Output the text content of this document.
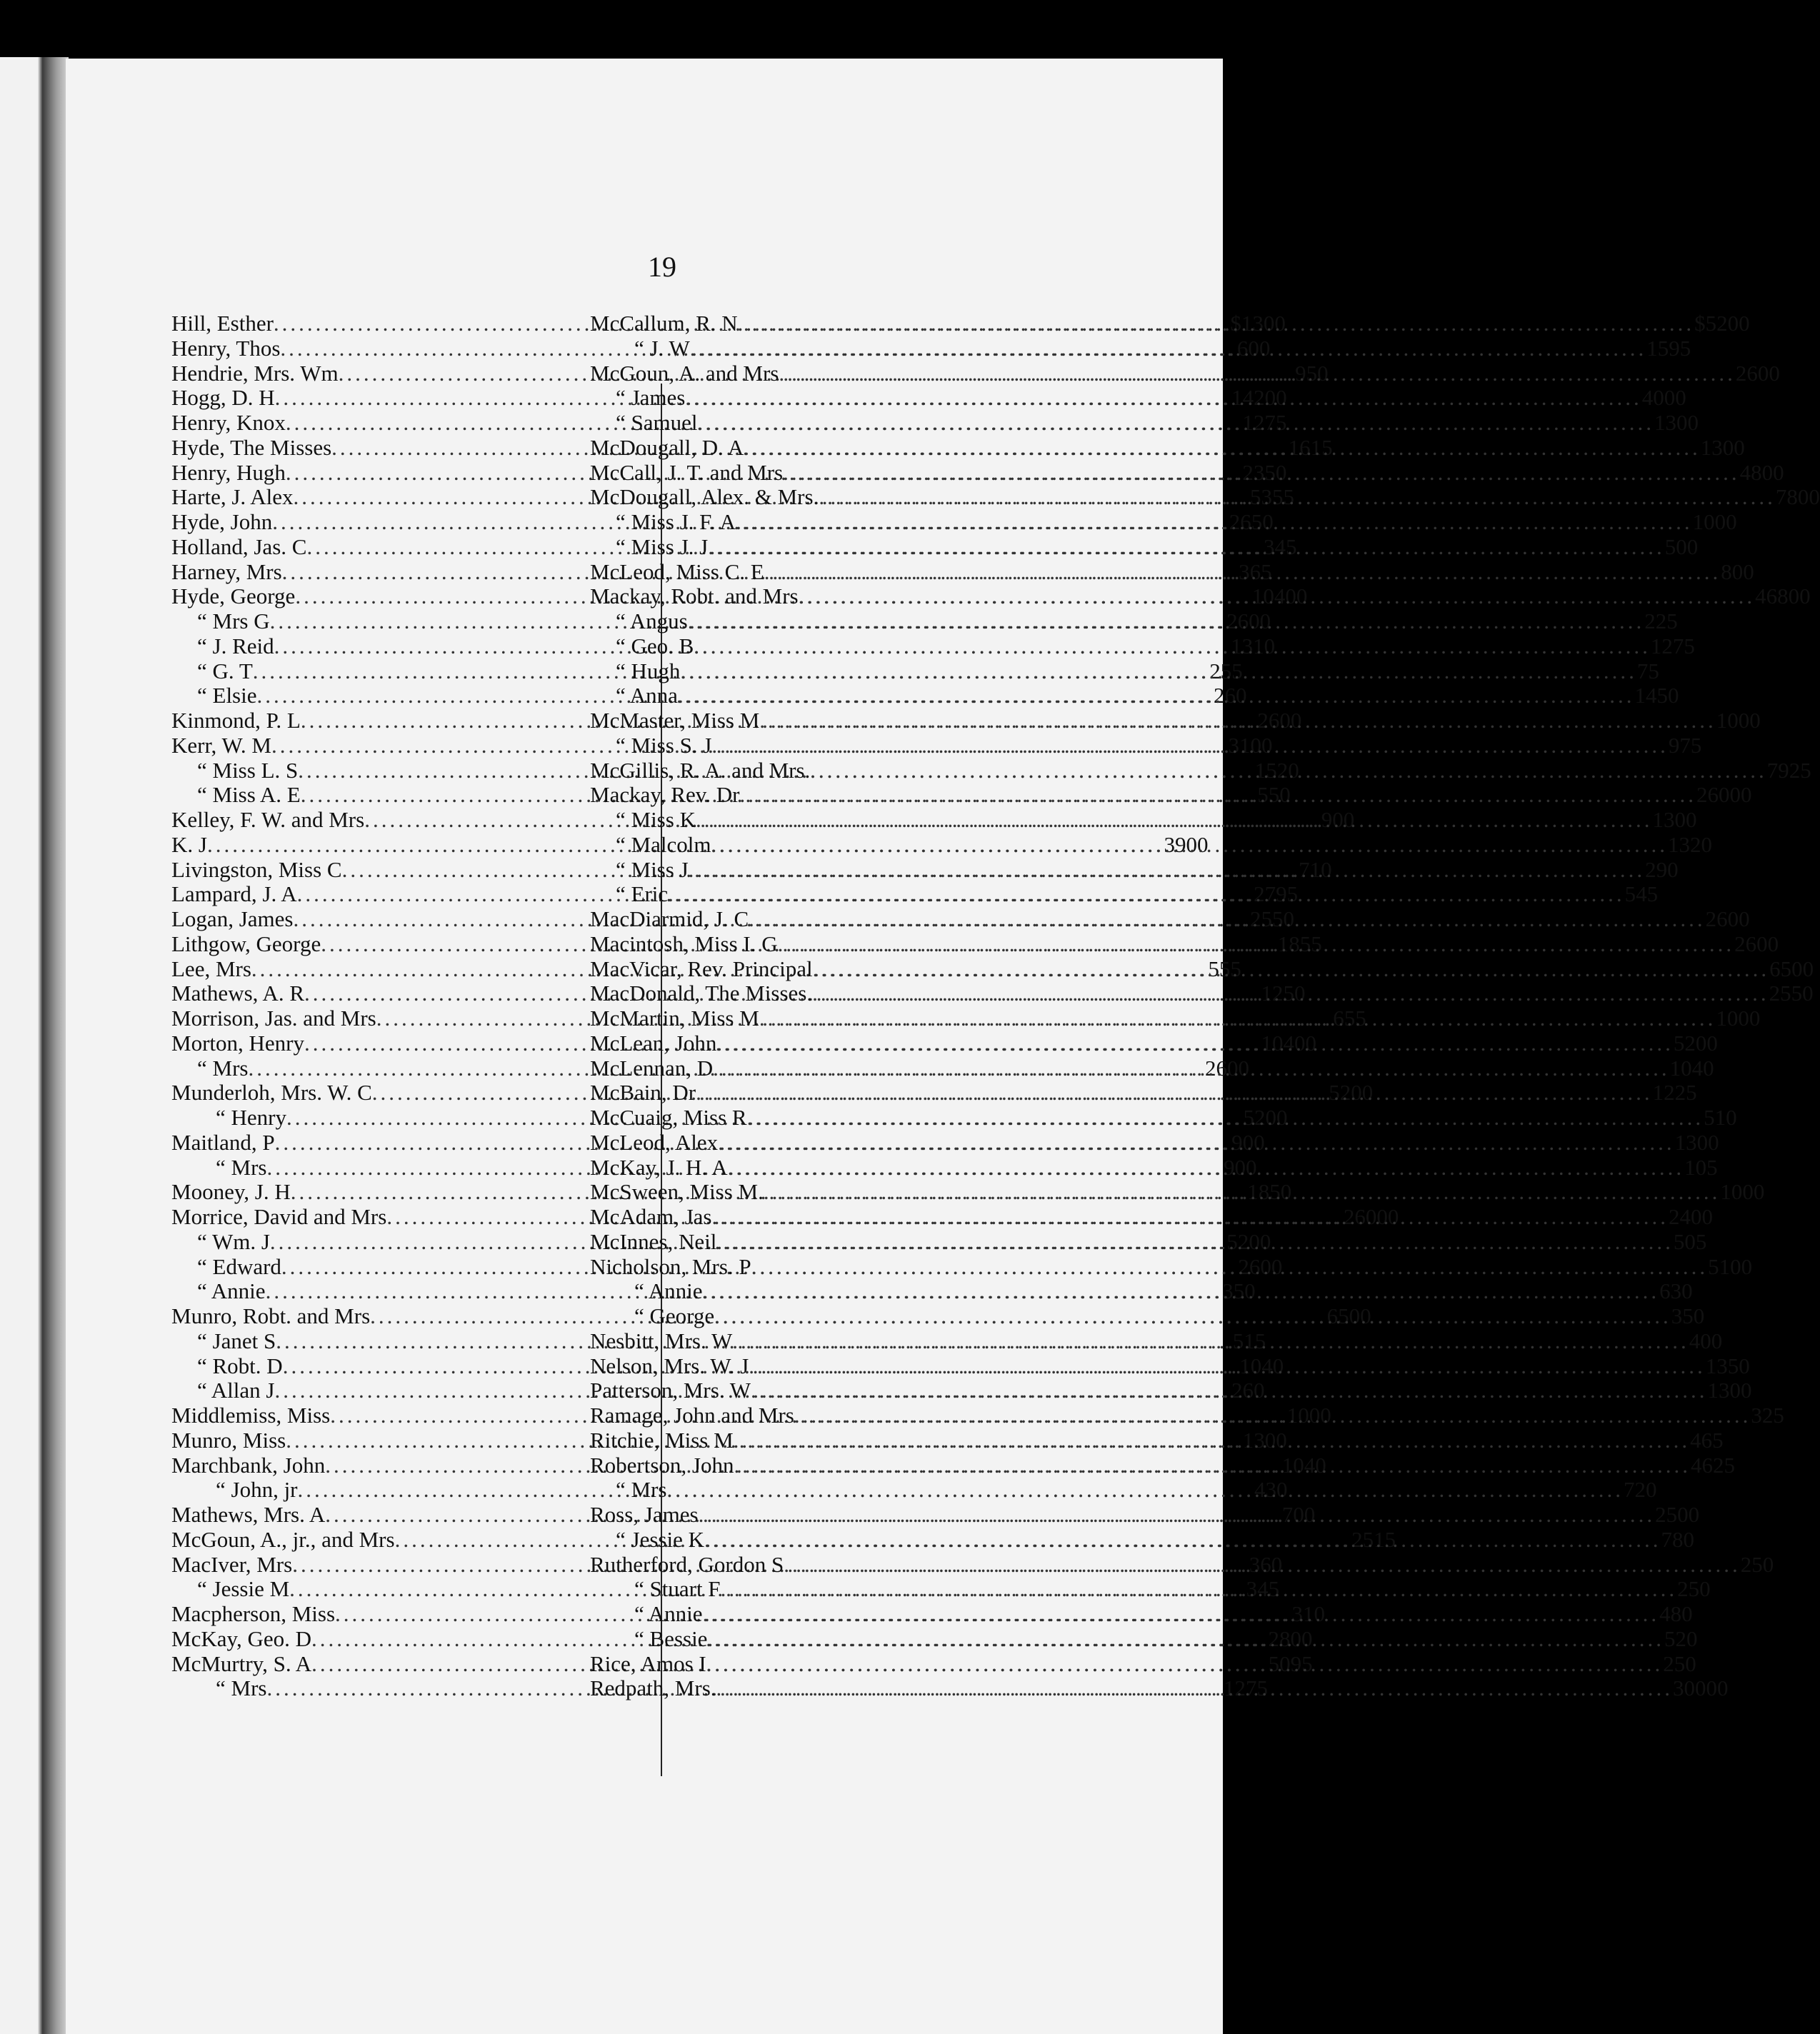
19
Hill, Esther .....	$ 13 00
Henry, Thos .....	6 00
Hendrie, Mrs. Wm .....	9 50
Hogg, D. H .....	142 00
Henry, Knox .....	12 75
Hyde, The Misses .....	16 15
Henry, Hugh .....	23 50
Harte, J. Alex .....	53 55
Hyde, John .....	26 50
Holland, Jas. C .....	3 45
Harney, Mrs .....	3 65
Hyde, George .....	104 00
“ Mrs G .....	26 00
“ J. Reid .....	13 10
“ G. T .....	2 55
“ Elsie .....	2 60
Kinmond, P. L .....	26 00
Kerr, W. M .....	31 00
“ Miss L. S .....	15 20
“ Miss A. E .....	5 50
Kelley, F. W. and Mrs .....	9 00
K. J .....	39 00
Livingston, Miss C .....	7 10
Lampard, J. A .....	27 95
Logan, James .....	25 50
Lithgow, George .....	18 55
Lee, Mrs .....	5 55
Mathews, A. R .....	12 50
Morrison, Jas. and Mrs .....	6 55
Morton, Henry .....	104 00
“ Mrs .....	26 00
Munderloh, Mrs. W. C .....	52 00
“ Henry .....	52 00
Maitland, P .....	9 00
“ Mrs .....	9 00
Mooney, J. H .....	18 50
Morrice, David and Mrs .....	260 00
“ Wm. J .....	52 00
“ Edward .....	26 00
“ Annie .....	3 50
Munro, Robt. and Mrs .....	65 00
“ Janet S .....	5 15
“ Robt. D .....	10 40
“ Allan J .....	2 60
Middlemiss, Miss .....	10 00
Munro, Miss .....	13 00
Marchbank, John .....	10 40
“ John, jr .....	4 30
Mathews, Mrs. A .....	7 00
McGoun, A., jr., and Mrs .....	25 15
MacIver, Mrs .....	3 60
“ Jessie M .....	3 45
Macpherson, Miss .....	3 10
McKay, Geo. D .....	28 00
McMurtry, S. A .....	50 95
“ Mrs .....	12 75
McCallum, R. N .....	$ 52 00
“ J. W .....	15 95
McGoun, A. and Mrs .....	26 00
“ James .....	40 00
“ Samuel .....	13 00
McDougall, D. A .....	13 00
McCall, J. T. and Mrs .....	48 00
McDougall, Alex. & Mrs. .....	78 00
“ Miss J. F. A .....	10 00
“ Miss J. J .....	5 00
McLeod, Miss C. E .....	8 00
Mackay, Robt. and Mrs .....	468 00
“ Angus .....	2 25
“ Geo. B .....	12 75
“ Hugh .....	75
“ Anna .....	14 50
McMaster, Miss M .....	10 00
“ Miss S. J .....	9 75
McGillis, R. A. and Mrs. .....	79 25
Mackay, Rev. Dr .....	260 00
“ Miss K .....	13 00
“ Malcolm .....	13 20
“ Miss J .....	2 90
“ Eric .....	5 45
MacDiarmid, J. C .....	26 00
Macintosh, Miss I. G .....	26 00
MacVicar, Rev. Principal .....	65 00
MacDonald, The Misses. .....	25 50
McMartin, Miss M .....	10 00
McLean, John .....	52 00
McLennan, D .....	10 40
McBain, Dr .....	12 25
McCuaig, Miss R .....	5 10
McLeod, Alex .....	13 00
McKay, J. H. A .....	1 05
McSween, Miss M. .....	10 00
McAdam, Jas .....	24 00
McInnes, Neil .....	5 05
Nicholson, Mrs. P .....	51 00
“ Annie .....	6 30
“ George .....	3 50
Nesbitt, Mrs. W .....	4 00
Nelson, Mrs. W. J .....	13 50
Patterson, Mrs. W .....	13 00
Ramage, John and Mrs .....	3 25
Ritchie, Miss M .....	4 65
Robertson, John .....	46 25
“ Mrs .....	7 20
Ross, James .....	25 00
“ Jessie K .....	7 80
Rutherford, Gordon S .....	2 50
“ Stuart F .....	2 50
“ Annie .....	4 80
“ Bessie .....	5 20
Rice, Amos I .....	2 50
Redpath, Mrs. .....	300 00
